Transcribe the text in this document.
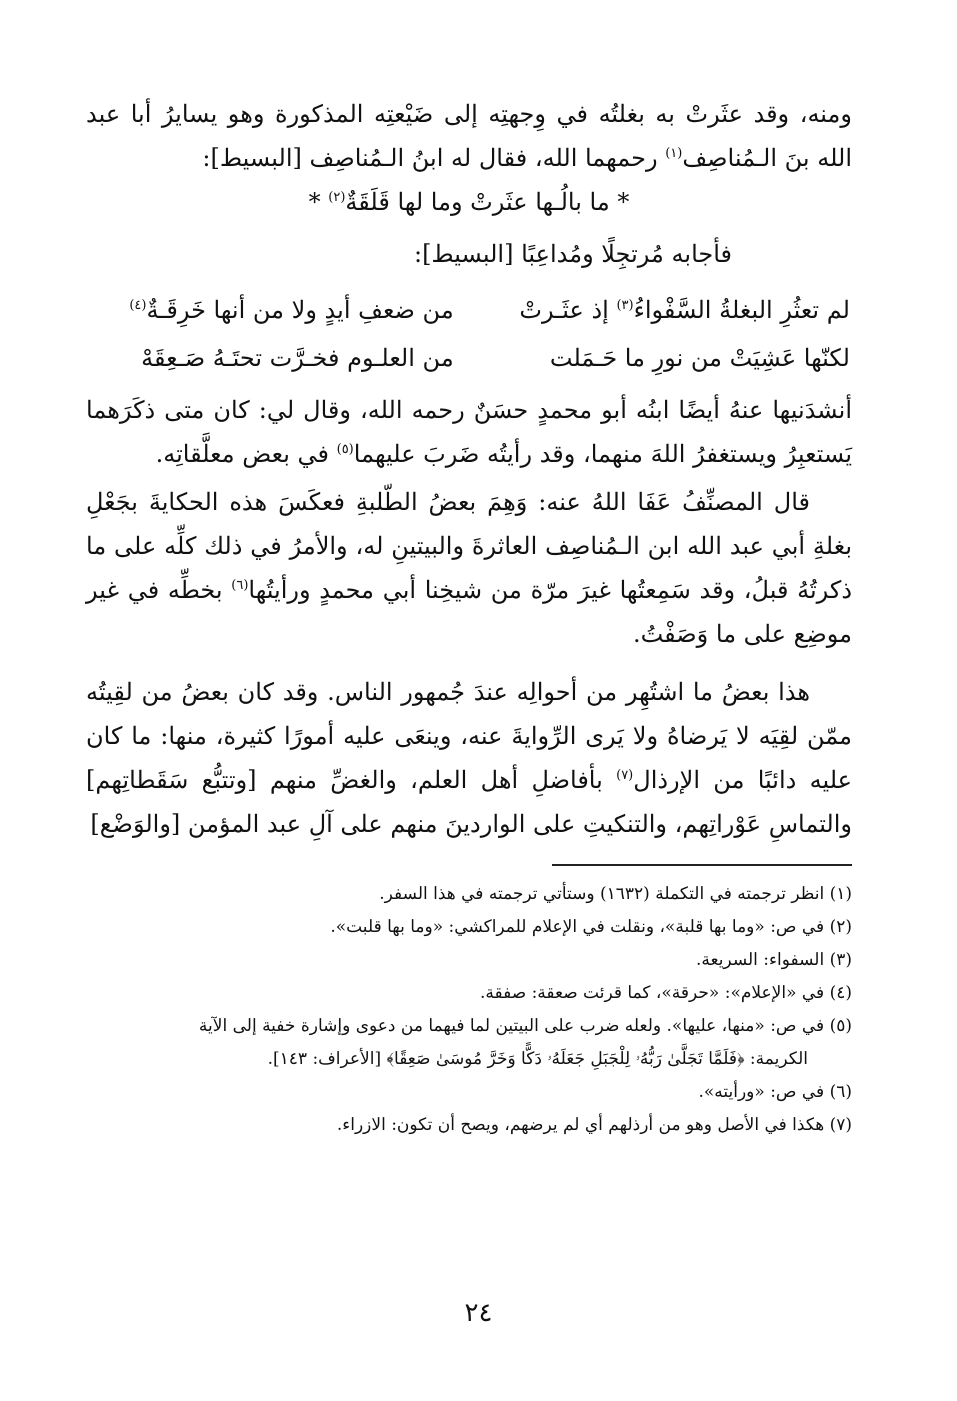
ومنه، وقد عثَرتْ به بغلتُه في وِجهتِه إلى ضَيْعتِه المذكورة وهو يسايرُ أبا عبد الله بنَ الـمُناصِف$^{(١)}$ رحمهما الله، فقال له ابنُ الـمُناصِف [البسيط]:

* ما بالُـها عثَرتْ وما لها قَلَقَةٌ$^{(٢)}$ *

فأجابه مُرتجِلًا ومُداعِبًا [البسيط]:

لم تعثُرِ البغلةُ السَّفْواءُ$^{(٣)}$ إذ عثَـرتْ
من ضعفِ أيدٍ ولا من أنها خَرِقَـةٌ$^{(٤)}$
لكنّها عَشِيَتْ من نورِ ما حَـمَلت
من العلـوم فخـرَّت تحتَـهُ صَـعِقَهْ

أنشدَنيها عنهُ أيضًا ابنُه أبو محمدٍ حسَنٌ رحمه الله، وقال لي: كان متى ذكَرَهما يَستعبِرُ ويستغفرُ اللهَ منهما، وقد رأيتُه ضَربَ عليهما$^{(٥)}$ في بعض معلَّقاتِه.

قال المصنِّفُ عَفَا اللهُ عنه: وَهِمَ بعضُ الطّلبةِ فعكَسَ هذه الحكايةَ بجَعْلِ بغلةِ أبي عبد الله ابن الـمُناصِف العاثرةَ والبيتينِ له، والأمرُ في ذلك كلِّه على ما ذكرتُهُ قبلُ، وقد سَمِعتُها غيرَ مرّة من شيخِنا أبي محمدٍ ورأيتُها$^{(٦)}$ بخطِّه في غير موضِع على ما وَصَفْتُ.

هذا بعضُ ما اشتُهِر من أحوالِه عندَ جُمهور الناس. وقد كان بعضُ من لقِيتُه ممّن لقِيَه لا يَرضاهُ ولا يَرى الرِّوايةَ عنه، وينعَى عليه أمورًا كثيرة، منها: ما كان عليه دائبًا من الإرذال$^{(٧)}$ بأفاضلِ أهل العلم، والغضِّ منهم [وتتبُّع سَقَطاتِهم] والتماسِ عَوْراتِهم، والتنكيتِ على الواردينَ منهم على آلِ عبد المؤمن [والوَضْع]

(١) انظر ترجمته في التكملة (١٦٣٢) وستأتي ترجمته في هذا السفر.
(٢) في ص: «وما بها قلبة»، ونقلت في الإعلام للمراكشي: «وما بها قلبت».
(٣) السفواء: السريعة.
(٤) في «الإعلام»: «حرقة»، كما قرئت صعقة: صفقة.
(٥) في ص: «منها، عليها». ولعله ضرب على البيتين لما فيهما من دعوى وإشارة خفية إلى الآية
الكريمة: ﴿فَلَمَّا تَجَلَّىٰ رَبُّهُۥ لِلْجَبَلِ جَعَلَهُۥ دَكًّا وَخَرَّ مُوسَىٰ صَعِقًا﴾ [الأعراف: ١٤٣].
(٦) في ص: «ورأيته».
(٧) هكذا في الأصل وهو من أرذلهم أي لم يرضهم، ويصح أن تكون: الازراء.
٢٤
